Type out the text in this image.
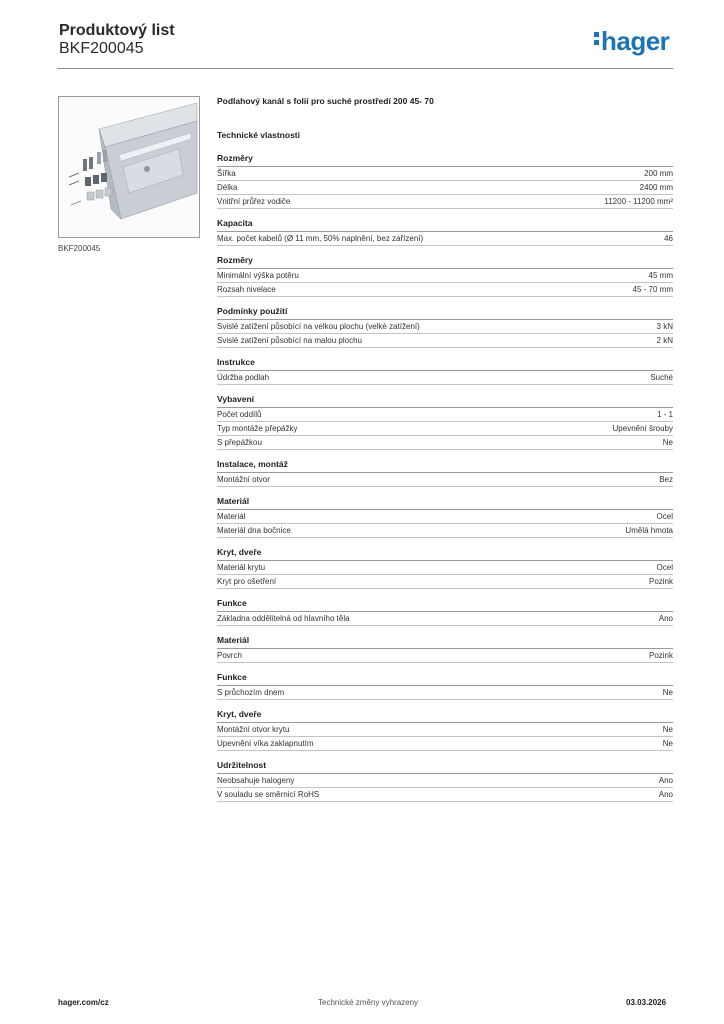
Produktový list
BKF200045	hager
BKF200045
Podlahový kanál s folií pro suché prostředí 200 45- 70
Technické vlastnosti
Rozměry
Šířka	200 mm
Délka	2400 mm
Vnitřní průřez vodiče	11200 - 11200 mm²
Kapacita
Max. počet kabelů (Ø 11 mm, 50% naplnění, bez zařízení)	46
Rozměry
Minimální výška potěru	45 mm
Rozsah nivelace	45 - 70 mm
Podmínky použití
Svislé zatížení působící na velkou plochu (velké zatížení)	3 kN
Svislé zatížení působící na malou plochu	2 kN
Instrukce
Údržba podlah	Suché
Vybavení
Počet oddílů	1 - 1
Typ montáže přepážky	Upevnění šrouby
S přepážkou	Ne
Instalace, montáž
Montážní otvor	Bez
Materiál
Materiál	Ocel
Materiál dna bočnice	Umělá hmota
Kryt, dveře
Materiál krytu	Ocel
Kryt pro ošetření	Pozink
Funkce
Základna oddělitelná od hlavního těla	Ano
Materiál
Povrch	Pozink
Funkce
S průchozím dnem	Ne
Kryt, dveře
Montážní otvor krytu	Ne
Upevnění víka zaklapnutím	Ne
Udržitelnost
Neobsahuje halogeny	Ano
V souladu se směrnicí RoHS	Ano
hager.com/cz	Technické změny vyhrazeny	03.03.2026
